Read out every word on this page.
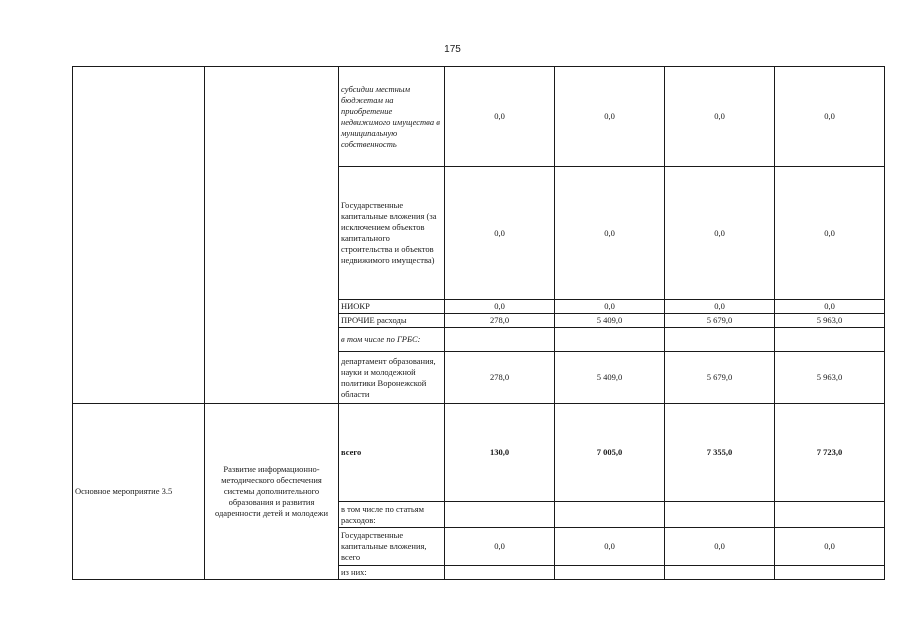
175
		субсидии местным бюджетам на приобретение недвижимого имущества в муниципальную собственность	0,0	0,0	0,0	0,0
		Государственные капитальные вложения (за исключением объектов капитального строительства и объектов недвижимого имущества)	0,0	0,0	0,0	0,0
		НИОКР	0,0	0,0	0,0	0,0
		ПРОЧИЕ расходы	278,0	5 409,0	5 679,0	5 963,0
		в том числе по ГРБС:				
		департамент образования, науки и молодежной политики Воронежской области	278,0	5 409,0	5 679,0	5 963,0
Основное мероприятие 3.5	Развитие информационно-методического обеспечения системы дополнительного образования и развития одаренности детей и молодежи	всего	130,0	7 005,0	7 355,0	7 723,0
		в том числе по статьям расходов:				
		Государственные капитальные вложения, всего	0,0	0,0	0,0	0,0
		из них:				
